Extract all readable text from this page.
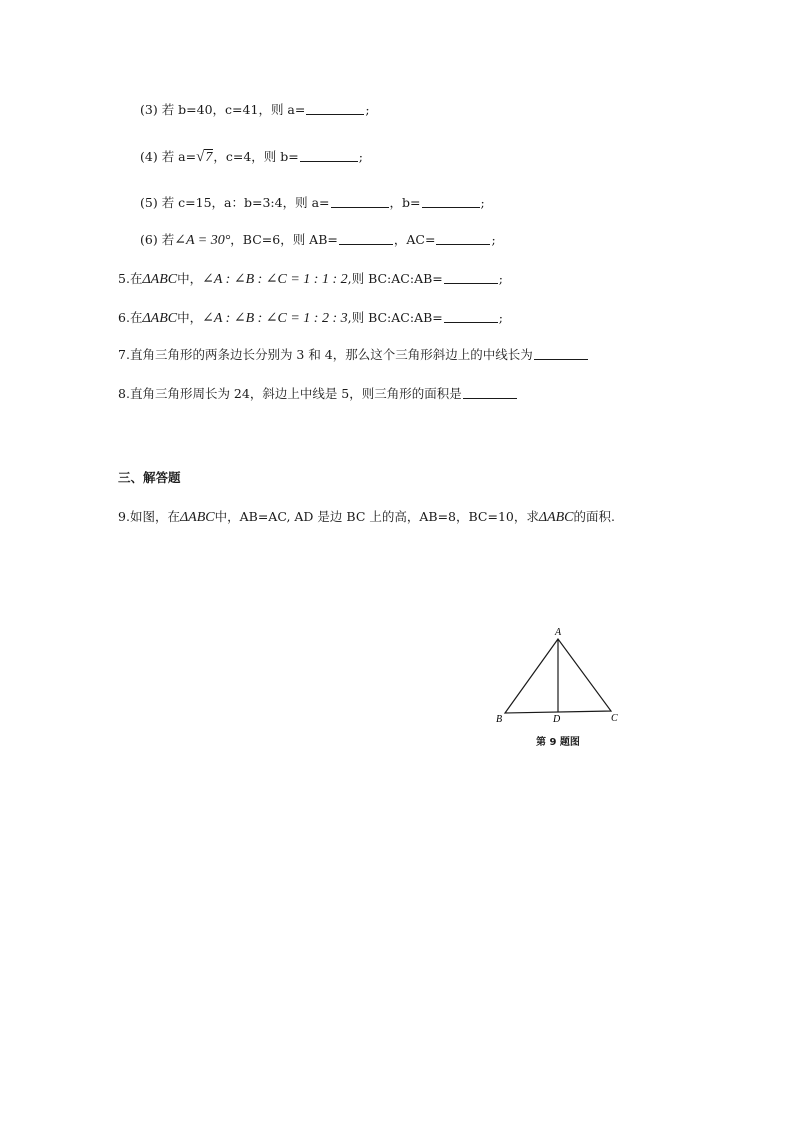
(3) 若 b=40，c=41，则 a=	;
(4) 若 a=√7，c=4，则 b=	;
(5) 若 c=15，a：b=3:4，则 a=	，b=	;
(6) 若∠A = 30°，BC=6，则 AB=	，AC=	;
5.在ΔABC中，∠A : ∠B : ∠C = 1 : 1 : 2,则 BC:AC:AB=	;
6.在ΔABC中，∠A : ∠B : ∠C = 1 : 2 : 3,则 BC:AC:AB=	;
7.直角三角形的两条边长分别为 3 和 4，那么这个三角形斜边上的中线长为
8.直角三角形周长为 24，斜边上中线是 5，则三角形的面积是
三、解答题
9.如图，在ΔABC中，AB=AC, AD 是边 BC 上的高，AB=8，BC=10，求ΔABC的面积.
A
B	D	C
第 9 题图
